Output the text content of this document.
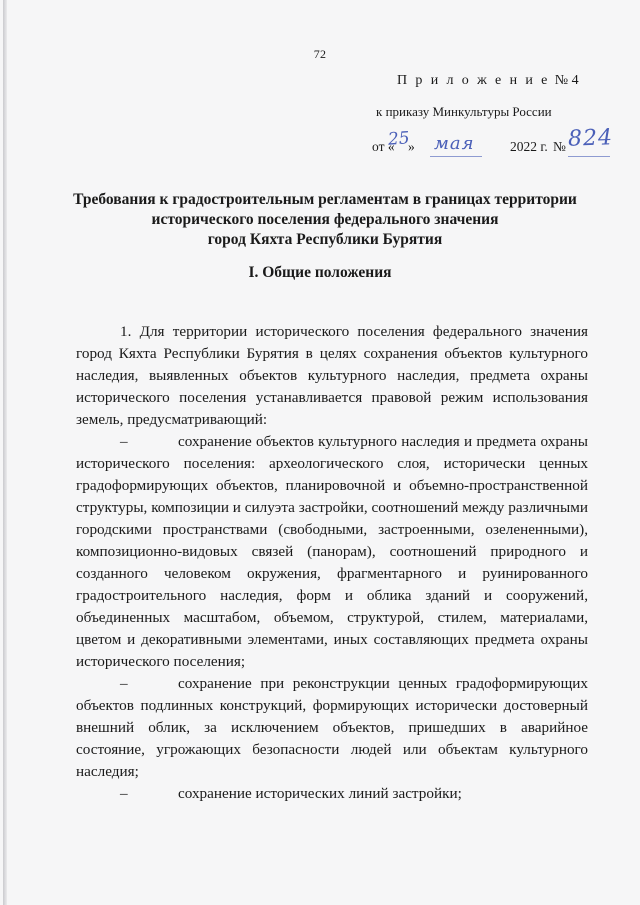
72
П р и л о ж е н и е № 4
к приказу Минкультуры России
от «
25
» мая	2022 г. № 824
Требования к градостроительным регламентам в границах территории
исторического поселения федерального значения
город Кяхта Республики Бурятия
I. Общие положения

1. Для территории исторического поселения федерального значения город Кяхта Республики Бурятия в целях сохранения объектов культурного наследия, выявленных объектов культурного наследия, предмета охраны исторического поселения устанавливается правовой режим использования земель, предусматривающий:

–	сохранение объектов культурного наследия и предмета охраны исторического поселения: археологического слоя, исторически ценных градоформирующих объектов, планировочной и объемно-пространственной структуры, композиции и силуэта застройки, соотношений между различными городскими пространствами (свободными, застроенными, озелененными), композиционно-видовых связей (панорам), соотношений природного и созданного человеком окружения, фрагментарного и руинированного градостроительного наследия, форм и облика зданий и сооружений, объединенных масштабом, объемом, структурой, стилем, материалами, цветом и декоративными элементами, иных составляющих предмета охраны исторического поселения;

–	сохранение при реконструкции ценных градоформирующих объектов подлинных конструкций, формирующих исторически достоверный внешний облик, за исключением объектов, пришедших в аварийное состояние, угрожающих безопасности людей или объектам культурного наследия;

–	сохранение исторических линий застройки;
